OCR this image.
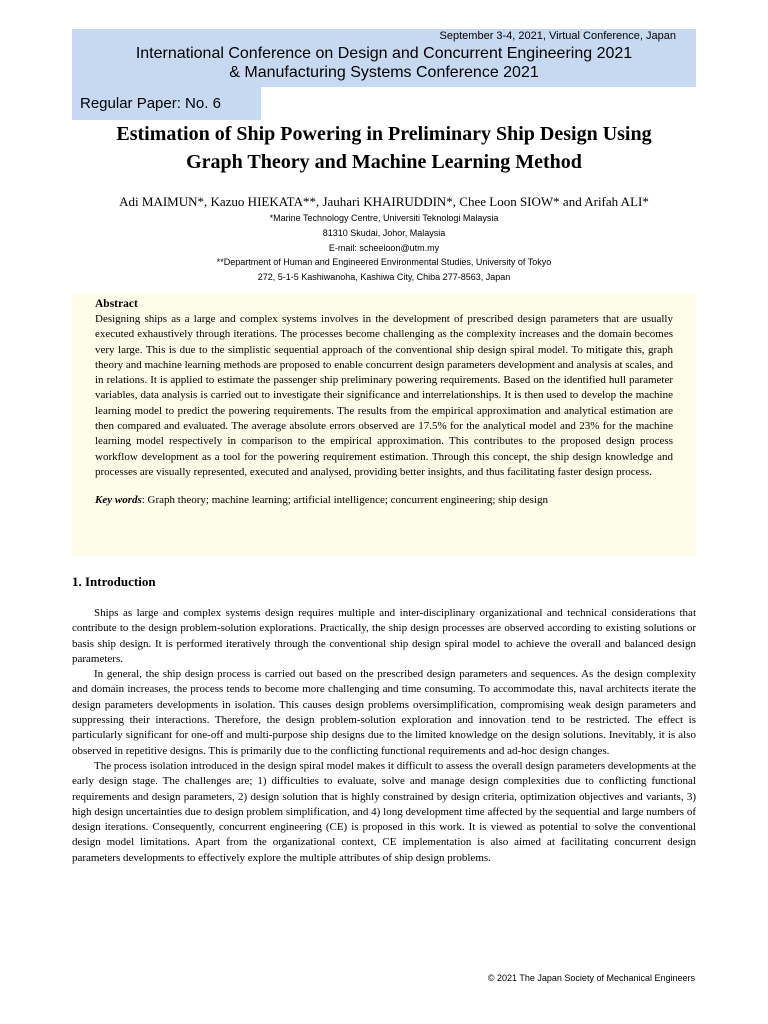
September 3-4, 2021, Virtual Conference, Japan
International Conference on Design and Concurrent Engineering 2021
& Manufacturing Systems Conference 2021
Regular Paper: No. 6
Estimation of Ship Powering in Preliminary Ship Design Using
Graph Theory and Machine Learning Method
Adi MAIMUN*, Kazuo HIEKATA**, Jauhari KHAIRUDDIN*, Chee Loon SIOW* and Arifah ALI*
*Marine Technology Centre, Universiti Teknologi Malaysia
81310 Skudai, Johor, Malaysia
E-mail: scheeloon@utm.my
**Department of Human and Engineered Environmental Studies, University of Tokyo
272, 5-1-5 Kashiwanoha, Kashiwa City, Chiba 277-8563, Japan
Abstract
Designing ships as a large and complex systems involves in the development of prescribed design parameters that are usually executed exhaustively through iterations. The processes become challenging as the complexity increases and the domain becomes very large. This is due to the simplistic sequential approach of the conventional ship design spiral model. To mitigate this, graph theory and machine learning methods are proposed to enable concurrent design parameters development and analysis at scales, and in relations. It is applied to estimate the passenger ship preliminary powering requirements. Based on the identified hull parameter variables, data analysis is carried out to investigate their significance and interrelationships. It is then used to develop the machine learning model to predict the powering requirements. The results from the empirical approximation and analytical estimation are then compared and evaluated. The average absolute errors observed are 17.5% for the analytical model and 23% for the machine learning model respectively in comparison to the empirical approximation. This contributes to the proposed design process workflow development as a tool for the powering requirement estimation. Through this concept, the ship design knowledge and processes are visually represented, executed and analysed, providing better insights, and thus facilitating faster design process.
Key words: Graph theory; machine learning; artificial intelligence; concurrent engineering; ship design
1. Introduction

Ships as large and complex systems design requires multiple and inter-disciplinary organizational and technical considerations that contribute to the design problem-solution explorations. Practically, the ship design processes are observed according to existing solutions or basis ship design. It is performed iteratively through the conventional ship design spiral model to achieve the overall and balanced design parameters.

In general, the ship design process is carried out based on the prescribed design parameters and sequences. As the design complexity and domain increases, the process tends to become more challenging and time consuming. To accommodate this, naval architects iterate the design parameters developments in isolation. This causes design problems oversimplification, compromising weak design parameters and suppressing their interactions. Therefore, the design problem-solution exploration and innovation tend to be restricted. The effect is particularly significant for one-off and multi-purpose ship designs due to the limited knowledge on the design solutions. Inevitably, it is also observed in repetitive designs. This is primarily due to the conflicting functional requirements and ad-hoc design changes.

The process isolation introduced in the design spiral model makes it difficult to assess the overall design parameters developments at the early design stage. The challenges are; 1) difficulties to evaluate, solve and manage design complexities due to conflicting functional requirements and design parameters, 2) design solution that is highly constrained by design criteria, optimization objectives and variants, 3) high design uncertainties due to design problem simplification, and 4) long development time affected by the sequential and large numbers of design iterations. Consequently, concurrent engineering (CE) is proposed in this work. It is viewed as potential to solve the conventional design model limitations. Apart from the organizational context, CE implementation is also aimed at facilitating concurrent design parameters developments to effectively explore the multiple attributes of ship design problems.

© 2021 The Japan Society of Mechanical Engineers
